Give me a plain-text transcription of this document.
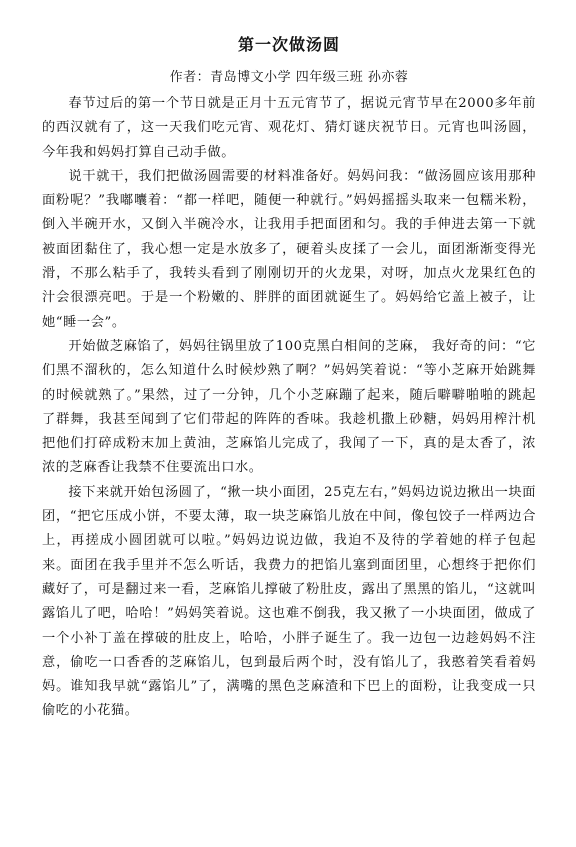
第一次做汤圆
作者：青岛博文小学 四年级三班 孙亦蓉

春节过后的第一个节日就是正月十五元宵节了，据说元宵节早在2000多年前的西汉就有了，这一天我们吃元宵、观花灯、猜灯谜庆祝节日。元宵也叫汤圆，今年我和妈妈打算自己动手做。

说干就干，我们把做汤圆需要的材料准备好。妈妈问我：“做汤圆应该用那种面粉呢？”我嘟囔着：“都一样吧，随便一种就行。”妈妈摇摇头取来一包糯米粉，倒入半碗开水，又倒入半碗冷水，让我用手把面团和匀。我的手伸进去第一下就被面团黏住了，我心想一定是水放多了，硬着头皮揉了一会儿，面团渐渐变得光滑，不那么粘手了，我转头看到了刚刚切开的火龙果，对呀，加点火龙果红色的汁会很漂亮吧。于是一个粉嫩的、胖胖的面团就诞生了。妈妈给它盖上被子，让她“睡一会”。

开始做芝麻馅了，妈妈往锅里放了100克黑白相间的芝麻， 我好奇的问：“它们黑不溜秋的，怎么知道什么时候炒熟了啊？”妈妈笑着说：“等小芝麻开始跳舞的时候就熟了。”果然，过了一分钟，几个小芝麻蹦了起来，随后噼噼啪啪的跳起了群舞，我甚至闻到了它们带起的阵阵的香味。我趁机撒上砂糖，妈妈用榨汁机把他们打碎成粉末加上黄油，芝麻馅儿完成了，我闻了一下，真的是太香了，浓浓的芝麻香让我禁不住要流出口水。

接下来就开始包汤圆了，“揪一块小面团，25克左右，”妈妈边说边揪出一块面团，“把它压成小饼，不要太薄，取一块芝麻馅儿放在中间，像包饺子一样两边合上，再搓成小圆团就可以啦。”妈妈边说边做，我迫不及待的学着她的样子包起来。面团在我手里并不怎么听话，我费力的把馅儿塞到面团里，心想终于把你们藏好了，可是翻过来一看，芝麻馅儿撑破了粉肚皮，露出了黑黑的馅儿，“这就叫露馅儿了吧，哈哈！”妈妈笑着说。这也难不倒我，我又揪了一小块面团，做成了一个小补丁盖在撑破的肚皮上，哈哈，小胖子诞生了。我一边包一边趁妈妈不注意，偷吃一口香香的芝麻馅儿，包到最后两个时，没有馅儿了，我憨着笑看着妈妈。谁知我早就“露馅儿”了，满嘴的黑色芝麻渣和下巴上的面粉，让我变成一只偷吃的小花猫。
